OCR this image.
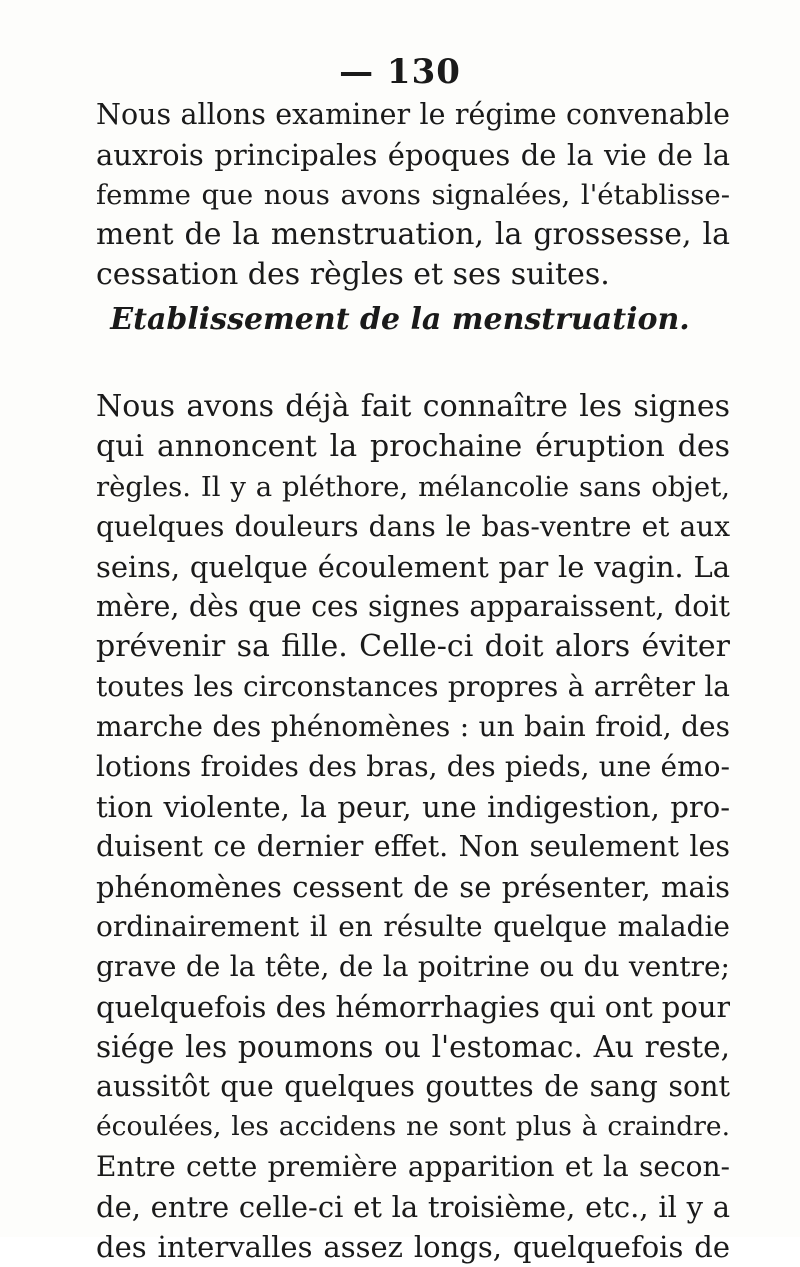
— 130
Nous allons examiner le régime convenable
auxrois principales époques de la vie de la
femme que nous avons signalées, l'établisse-
ment de la menstruation, la grossesse, la
cessation des règles et ses suites.
Etablissement de la menstruation.
Nous avons déjà fait connaître les signes
qui annoncent la prochaine éruption des
règles. Il y a pléthore, mélancolie sans objet,
quelques douleurs dans le bas-ventre et aux
seins, quelque écoulement par le vagin. La
mère, dès que ces signes apparaissent, doit
prévenir sa fille. Celle-ci doit alors éviter
toutes les circonstances propres à arrêter la
marche des phénomènes : un bain froid, des
lotions froides des bras, des pieds, une émo-
tion violente, la peur, une indigestion, pro-
duisent ce dernier effet. Non seulement les
phénomènes cessent de se présenter, mais
ordinairement il en résulte quelque maladie
grave de la tête, de la poitrine ou du ventre;
quelquefois des hémorrhagies qui ont pour
siége les poumons ou l'estomac. Au reste,
aussitôt que quelques gouttes de sang sont
écoulées, les accidens ne sont plus à craindre.
Entre cette première apparition et la secon-
de, entre celle-ci et la troisième, etc., il y a
des intervalles assez longs, quelquefois de
